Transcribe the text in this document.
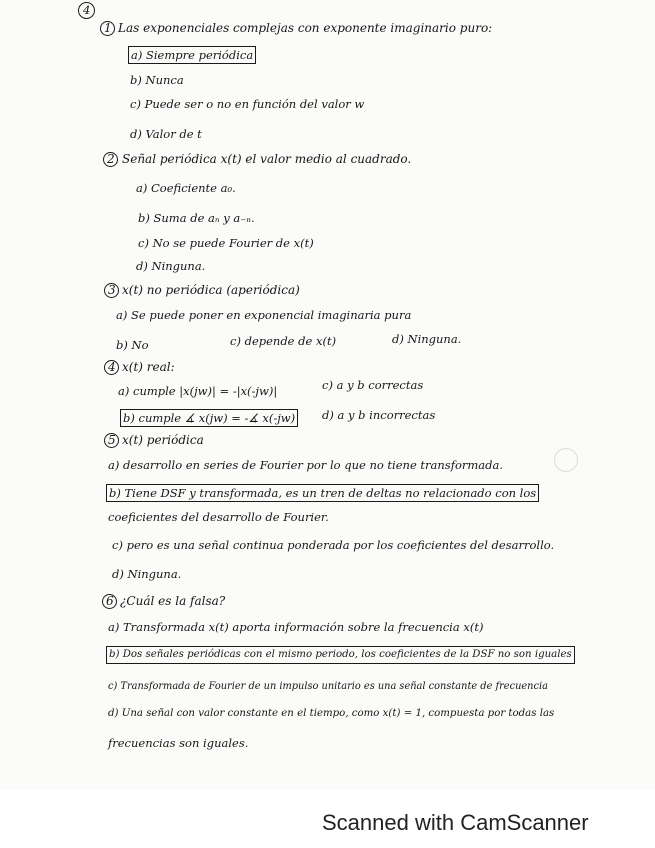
4
1 Las exponenciales complejas con exponente imaginario puro:
a) Siempre periódica
b) Nunca
c) Puede ser o no en función del valor w
d) Valor de t
2 Señal periódica x(t) el valor medio al cuadrado.
a) Coeficiente a₀.
b) Suma de aₙ y a₋ₙ.
c) No se puede Fourier de x(t)
d) Ninguna.
3 x(t) no periódica (aperiódica)
a) Se puede poner en exponencial imaginaria pura
b) No	c) depende de x(t)	d) Ninguna.
4 x(t) real:
a) cumple |x(jw)| = -|x(-jw)|	c) a y b correctas
b) cumple ∡ x(jw) = -∡ x(-jw) d) a y b incorrectas
5 x(t) periódica
a) desarrollo en series de Fourier por lo que no tiene transformada.
b) Tiene DSF y transformada, es un tren de deltas no relacionado con los
coeficientes del desarrollo de Fourier.
c) pero es una señal continua ponderada por los coeficientes del desarrollo.
d) Ninguna.
6 ¿Cuál es la falsa?
a) Transformada x(t) aporta información sobre la frecuencia x(t)
b) Dos señales periódicas con el mismo periodo, los coeficientes de la DSF no son iguales
c) Transformada de Fourier de un impulso unitario es una señal constante de frecuencia
d) Una señal con valor constante en el tiempo, como x(t) = 1, compuesta por todas las
frecuencias son iguales.
Scanned with CamScanner
